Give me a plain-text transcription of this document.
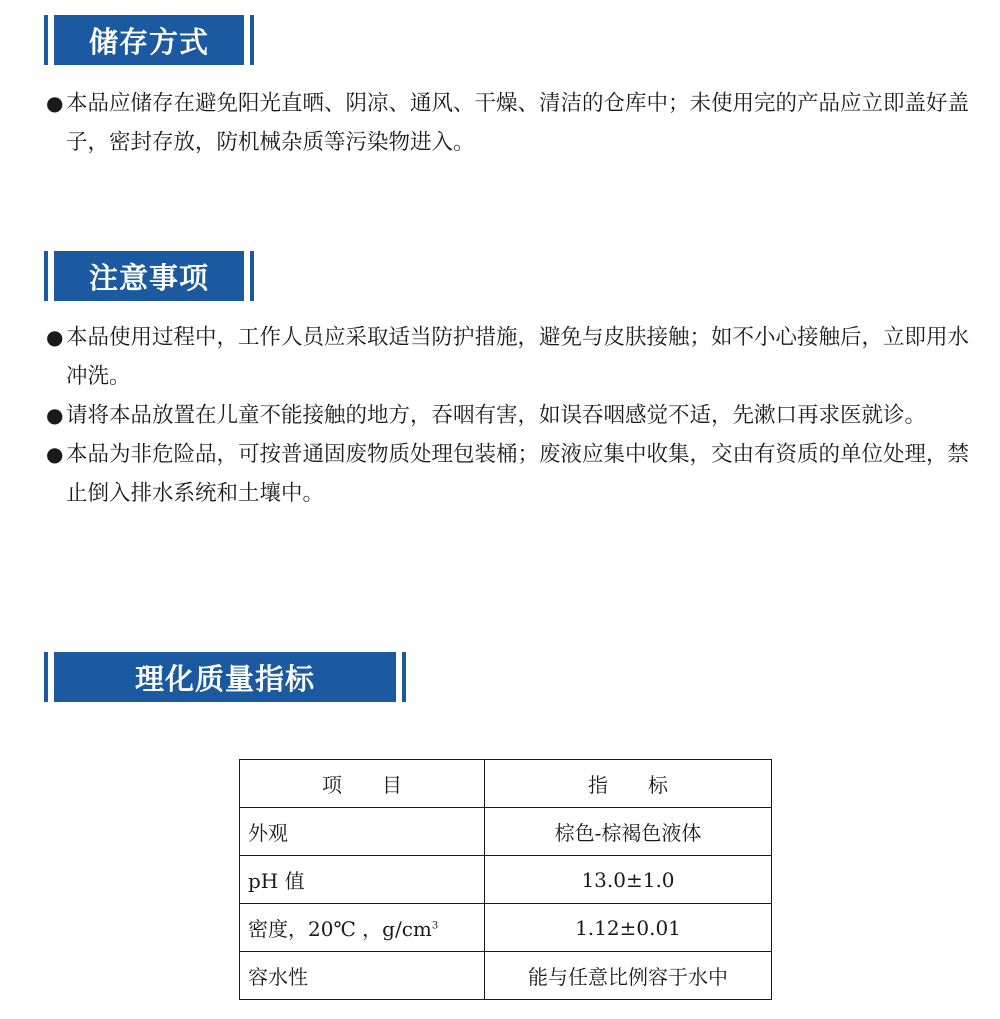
储存方式

● 本品应储存在避免阳光直晒、阴凉、通风、干燥、清洁的仓库中；未使用完的产品应立即盖好盖子，密封存放，防机械杂质等污染物进入。

注意事项

● 本品使用过程中，工作人员应采取适当防护措施，避免与皮肤接触；如不小心接触后，立即用水冲洗。

● 请将本品放置在儿童不能接触的地方，吞咽有害，如误吞咽感觉不适，先漱口再求医就诊。

● 本品为非危险品，可按普通固废物质处理包装桶；废液应集中收集，交由有资质的单位处理，禁止倒入排水系统和土壤中。

理化质量指标
项　　目	指　　标
外观	棕色-棕褐色液体
pH 值	13.0±1.0
密度，20℃ ，$g/cm^3$	1.12±0.01
容水性	能与任意比例容于水中
